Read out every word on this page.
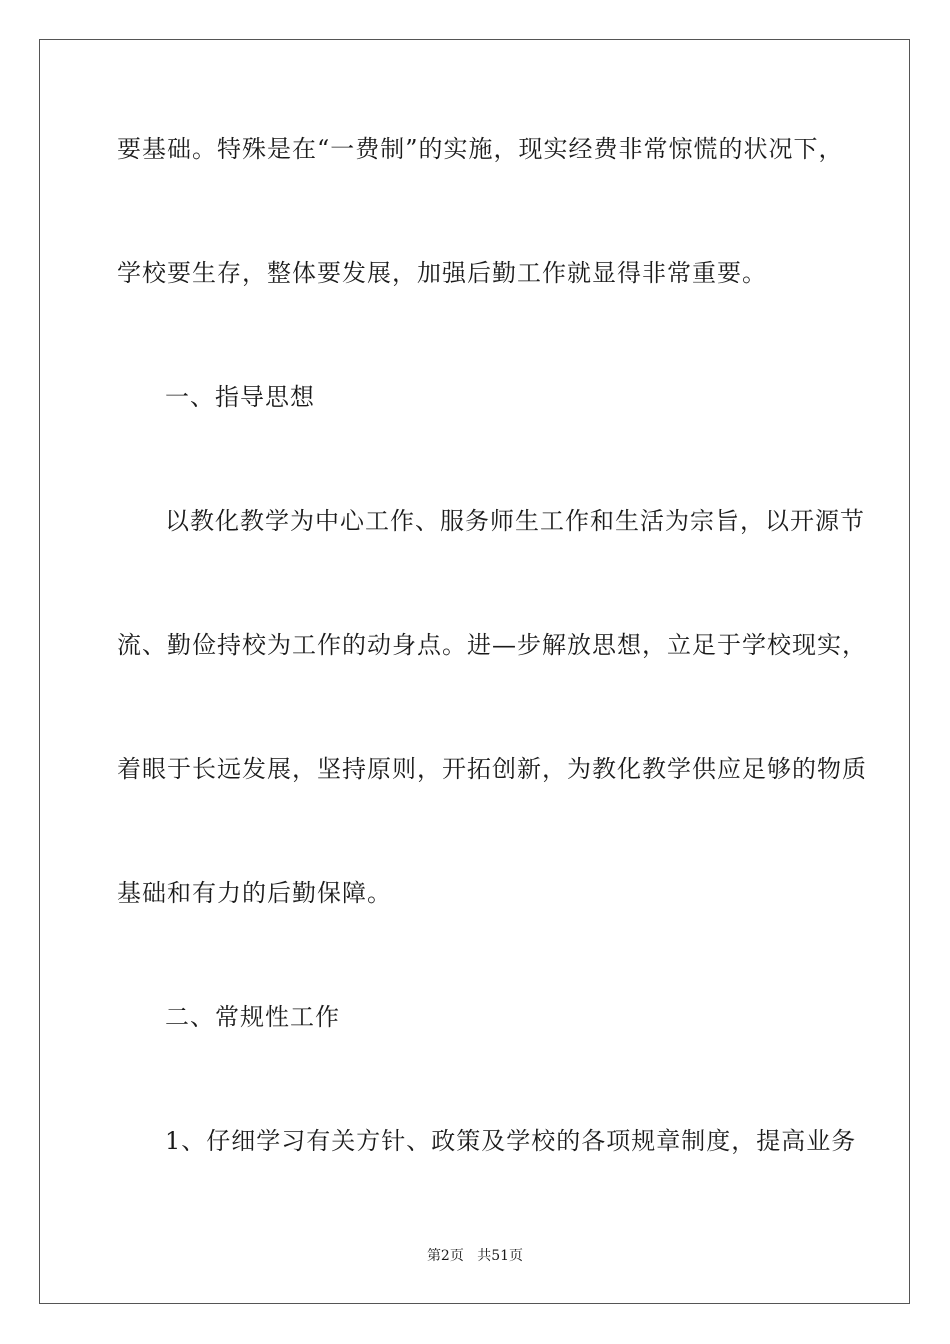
要基础。特殊是在“一费制”的实施，现实经费非常惊慌的状况下，
学校要生存，整体要发展，加强后勤工作就显得非常重要。
一、指导思想
以教化教学为中心工作、服务师生工作和生活为宗旨，以开源节
流、勤俭持校为工作的动身点。进—步解放思想，立足于学校现实，
着眼于长远发展，坚持原则，开拓创新，为教化教学供应足够的物质
基础和有力的后勤保障。
二、常规性工作
1、仔细学习有关方针、政策及学校的各项规章制度，提高业务
第2页 共51页
